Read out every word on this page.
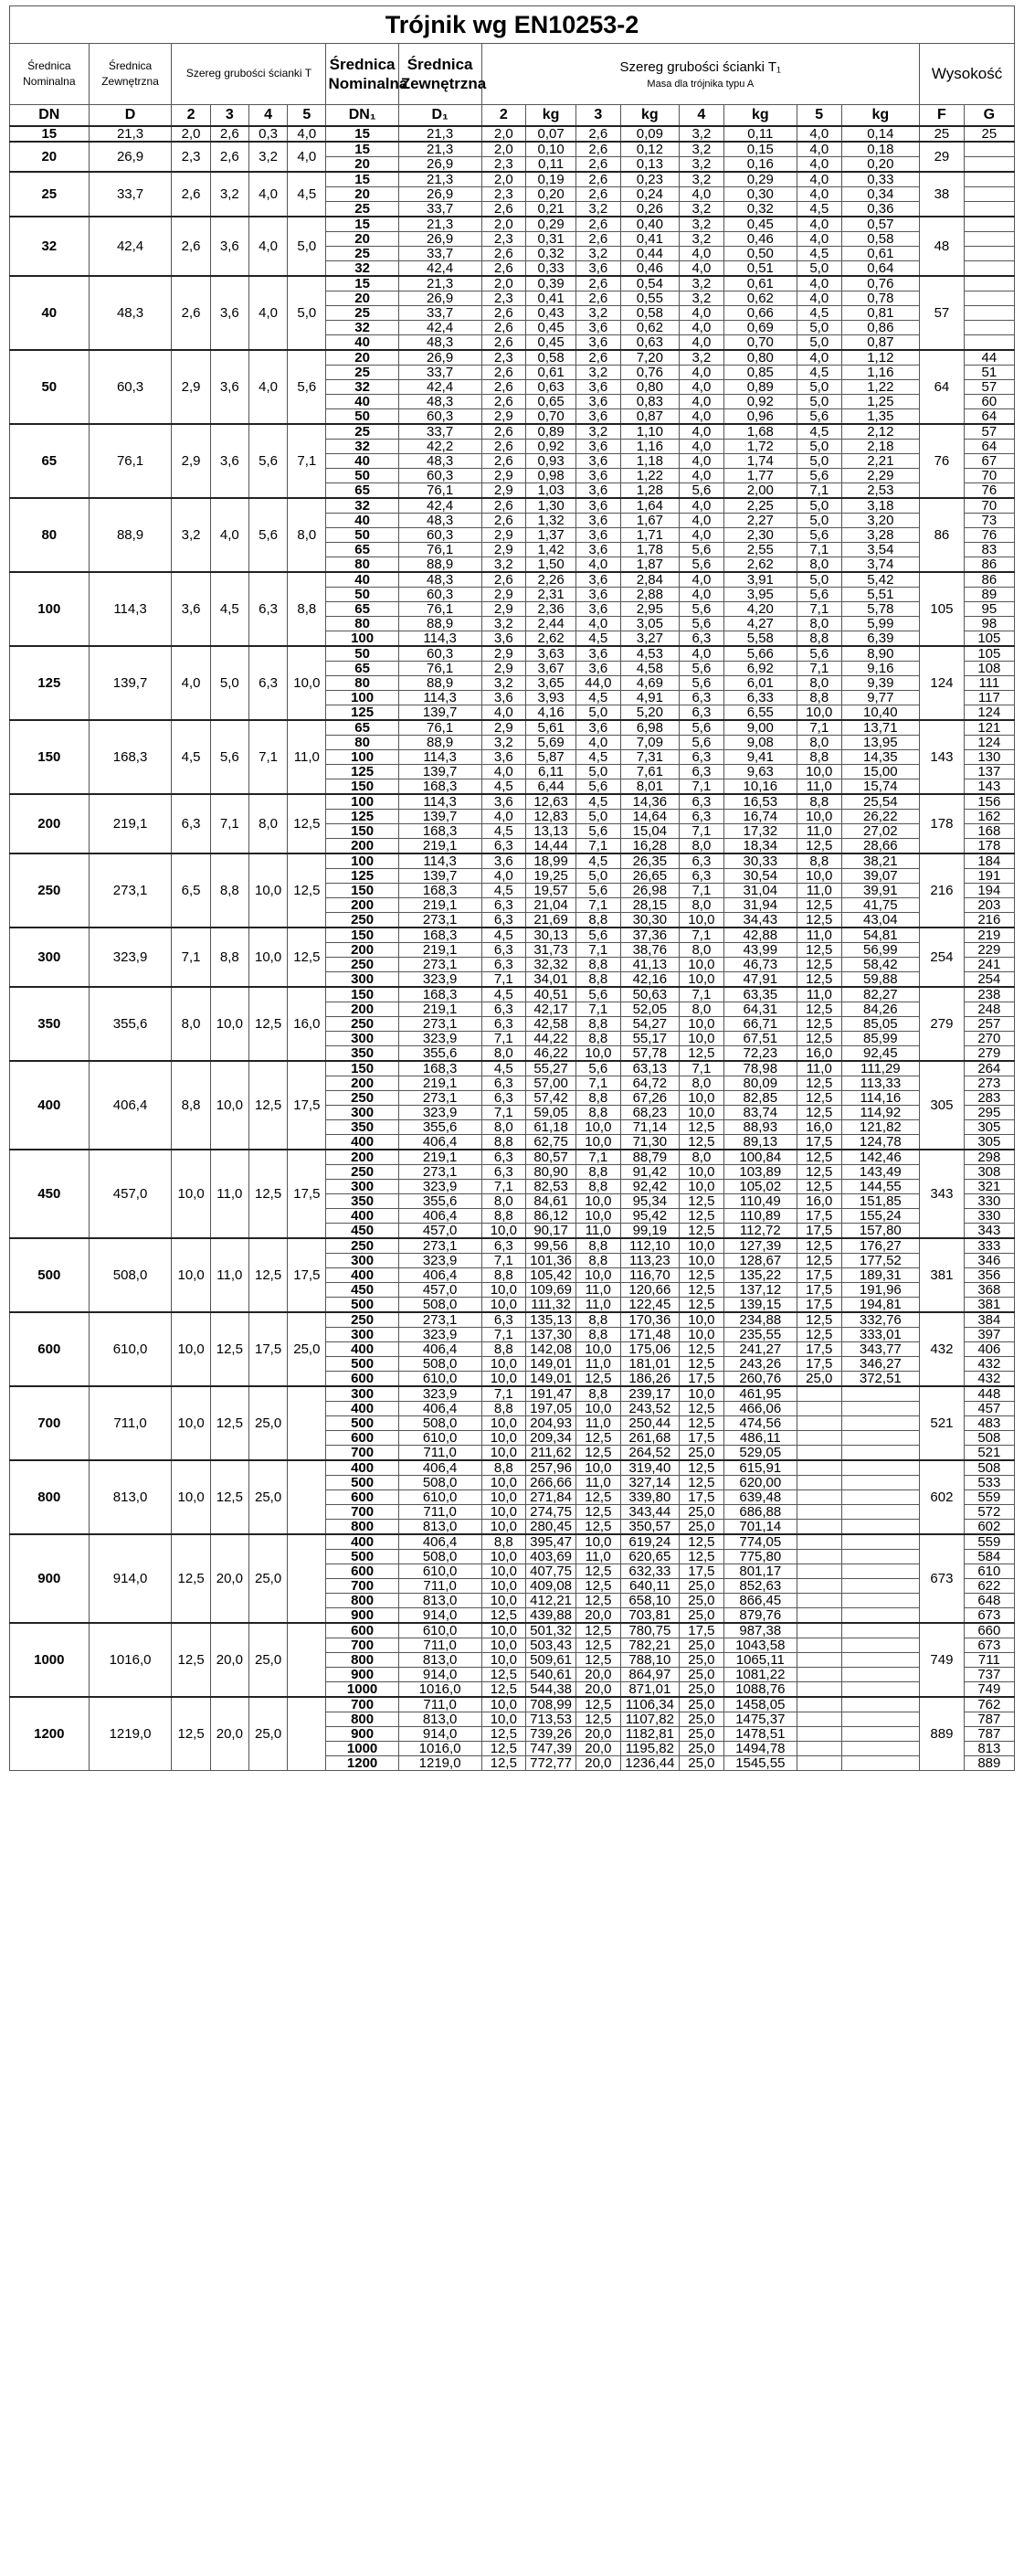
Trójnik wg EN10253-2																	
Średnica Nominalna	Średnica Zewnętrzna	Szereg grubości ścianki T				Średnica Nominalna	Średnica Zewnętrzna	Szereg grubości ścianki T₁
Masa dla trójnika typu A								Wysokość	
DN	D	2	3	4	5	DN₁	D₁	2	kg	3	kg	4	kg	5	kg	F	G
15	21,3	2,0	2,6	0,3	4,0	15	21,3	2,0	0,07	2,6	0,09	3,2	0,11	4,0	0,14	25	25
20	26,9	2,3	2,6	3,2	4,0	15	21,3	2,0	0,10	2,6	0,12	3,2	0,15	4,0	0,18	29	
						20	26,9	2,3	0,11	2,6	0,13	3,2	0,16	4,0	0,20		
25	33,7	2,6	3,2	4,0	4,5	15	21,3	2,0	0,19	2,6	0,23	3,2	0,29	4,0	0,33	38	
						20	26,9	2,3	0,20	2,6	0,24	4,0	0,30	4,0	0,34		
						25	33,7	2,6	0,21	3,2	0,26	3,2	0,32	4,5	0,36		
32	42,4	2,6	3,6	4,0	5,0	15	21,3	2,0	0,29	2,6	0,40	3,2	0,45	4,0	0,57	48	
						20	26,9	2,3	0,31	2,6	0,41	3,2	0,46	4,0	0,58		
						25	33,7	2,6	0,32	3,2	0,44	4,0	0,50	4,5	0,61		
						32	42,4	2,6	0,33	3,6	0,46	4,0	0,51	5,0	0,64		
40	48,3	2,6	3,6	4,0	5,0	15	21,3	2,0	0,39	2,6	0,54	3,2	0,61	4,0	0,76	57	
						20	26,9	2,3	0,41	2,6	0,55	3,2	0,62	4,0	0,78		
						25	33,7	2,6	0,43	3,2	0,58	4,0	0,66	4,5	0,81		
						32	42,4	2,6	0,45	3,6	0,62	4,0	0,69	5,0	0,86		
						40	48,3	2,6	0,45	3,6	0,63	4,0	0,70	5,0	0,87		
50	60,3	2,9	3,6	4,0	5,6	20	26,9	2,3	0,58	2,6	7,20	3,2	0,80	4,0	1,12	64	44
						25	33,7	2,6	0,61	3,2	0,76	4,0	0,85	4,5	1,16		51
						32	42,4	2,6	0,63	3,6	0,80	4,0	0,89	5,0	1,22		57
						40	48,3	2,6	0,65	3,6	0,83	4,0	0,92	5,0	1,25		60
						50	60,3	2,9	0,70	3,6	0,87	4,0	0,96	5,6	1,35		64
65	76,1	2,9	3,6	5,6	7,1	25	33,7	2,6	0,89	3,2	1,10	4,0	1,68	4,5	2,12	76	57
						32	42,2	2,6	0,92	3,6	1,16	4,0	1,72	5,0	2,18		64
						40	48,3	2,6	0,93	3,6	1,18	4,0	1,74	5,0	2,21		67
						50	60,3	2,9	0,98	3,6	1,22	4,0	1,77	5,6	2,29		70
						65	76,1	2,9	1,03	3,6	1,28	5,6	2,00	7,1	2,53		76
80	88,9	3,2	4,0	5,6	8,0	32	42,4	2,6	1,30	3,6	1,64	4,0	2,25	5,0	3,18	86	70
						40	48,3	2,6	1,32	3,6	1,67	4,0	2,27	5,0	3,20		73
						50	60,3	2,9	1,37	3,6	1,71	4,0	2,30	5,6	3,28		76
						65	76,1	2,9	1,42	3,6	1,78	5,6	2,55	7,1	3,54		83
						80	88,9	3,2	1,50	4,0	1,87	5,6	2,62	8,0	3,74		86
100	114,3	3,6	4,5	6,3	8,8	40	48,3	2,6	2,26	3,6	2,84	4,0	3,91	5,0	5,42	105	86
						50	60,3	2,9	2,31	3,6	2,88	4,0	3,95	5,6	5,51		89
						65	76,1	2,9	2,36	3,6	2,95	5,6	4,20	7,1	5,78		95
						80	88,9	3,2	2,44	4,0	3,05	5,6	4,27	8,0	5,99		98
						100	114,3	3,6	2,62	4,5	3,27	6,3	5,58	8,8	6,39		105
125	139,7	4,0	5,0	6,3	10,0	50	60,3	2,9	3,63	3,6	4,53	4,0	5,66	5,6	8,90	124	105
						65	76,1	2,9	3,67	3,6	4,58	5,6	6,92	7,1	9,16		108
						80	88,9	3,2	3,65	44,0	4,69	5,6	6,01	8,0	9,39		111
						100	114,3	3,6	3,93	4,5	4,91	6,3	6,33	8,8	9,77		117
						125	139,7	4,0	4,16	5,0	5,20	6,3	6,55	10,0	10,40		124
150	168,3	4,5	5,6	7,1	11,0	65	76,1	2,9	5,61	3,6	6,98	5,6	9,00	7,1	13,71	143	121
						80	88,9	3,2	5,69	4,0	7,09	5,6	9,08	8,0	13,95		124
						100	114,3	3,6	5,87	4,5	7,31	6,3	9,41	8,8	14,35		130
						125	139,7	4,0	6,11	5,0	7,61	6,3	9,63	10,0	15,00		137
						150	168,3	4,5	6,44	5,6	8,01	7,1	10,16	11,0	15,74		143
200	219,1	6,3	7,1	8,0	12,5	100	114,3	3,6	12,63	4,5	14,36	6,3	16,53	8,8	25,54	178	156
						125	139,7	4,0	12,83	5,0	14,64	6,3	16,74	10,0	26,22		162
						150	168,3	4,5	13,13	5,6	15,04	7,1	17,32	11,0	27,02		168
						200	219,1	6,3	14,44	7,1	16,28	8,0	18,34	12,5	28,66		178
250	273,1	6,5	8,8	10,0	12,5	100	114,3	3,6	18,99	4,5	26,35	6,3	30,33	8,8	38,21	216	184
						125	139,7	4,0	19,25	5,0	26,65	6,3	30,54	10,0	39,07		191
						150	168,3	4,5	19,57	5,6	26,98	7,1	31,04	11,0	39,91		194
						200	219,1	6,3	21,04	7,1	28,15	8,0	31,94	12,5	41,75		203
						250	273,1	6,3	21,69	8,8	30,30	10,0	34,43	12,5	43,04		216
300	323,9	7,1	8,8	10,0	12,5	150	168,3	4,5	30,13	5,6	37,36	7,1	42,88	11,0	54,81	254	219
						200	219,1	6,3	31,73	7,1	38,76	8,0	43,99	12,5	56,99		229
						250	273,1	6,3	32,32	8,8	41,13	10,0	46,73	12,5	58,42		241
						300	323,9	7,1	34,01	8,8	42,16	10,0	47,91	12,5	59,88		254
350	355,6	8,0	10,0	12,5	16,0	150	168,3	4,5	40,51	5,6	50,63	7,1	63,35	11,0	82,27	279	238
						200	219,1	6,3	42,17	7,1	52,05	8,0	64,31	12,5	84,26		248
						250	273,1	6,3	42,58	8,8	54,27	10,0	66,71	12,5	85,05		257
						300	323,9	7,1	44,22	8,8	55,17	10,0	67,51	12,5	85,99		270
						350	355,6	8,0	46,22	10,0	57,78	12,5	72,23	16,0	92,45		279
400	406,4	8,8	10,0	12,5	17,5	150	168,3	4,5	55,27	5,6	63,13	7,1	78,98	11,0	111,29	305	264
						200	219,1	6,3	57,00	7,1	64,72	8,0	80,09	12,5	113,33		273
						250	273,1	6,3	57,42	8,8	67,26	10,0	82,85	12,5	114,16		283
						300	323,9	7,1	59,05	8,8	68,23	10,0	83,74	12,5	114,92		295
						350	355,6	8,0	61,18	10,0	71,14	12,5	88,93	16,0	121,82		305
						400	406,4	8,8	62,75	10,0	71,30	12,5	89,13	17,5	124,78		305
450	457,0	10,0	11,0	12,5	17,5	200	219,1	6,3	80,57	7,1	88,79	8,0	100,84	12,5	142,46	343	298
						250	273,1	6,3	80,90	8,8	91,42	10,0	103,89	12,5	143,49		308
						300	323,9	7,1	82,53	8,8	92,42	10,0	105,02	12,5	144,55		321
						350	355,6	8,0	84,61	10,0	95,34	12,5	110,49	16,0	151,85		330
						400	406,4	8,8	86,12	10,0	95,42	12,5	110,89	17,5	155,24		330
						450	457,0	10,0	90,17	11,0	99,19	12,5	112,72	17,5	157,80		343
500	508,0	10,0	11,0	12,5	17,5	250	273,1	6,3	99,56	8,8	112,10	10,0	127,39	12,5	176,27	381	333
						300	323,9	7,1	101,36	8,8	113,23	10,0	128,67	12,5	177,52		346
						400	406,4	8,8	105,42	10,0	116,70	12,5	135,22	17,5	189,31		356
						450	457,0	10,0	109,69	11,0	120,66	12,5	137,12	17,5	191,96		368
						500	508,0	10,0	111,32	11,0	122,45	12,5	139,15	17,5	194,81		381
600	610,0	10,0	12,5	17,5	25,0	250	273,1	6,3	135,13	8,8	170,36	10,0	234,88	12,5	332,76	432	384
						300	323,9	7,1	137,30	8,8	171,48	10,0	235,55	12,5	333,01		397
						400	406,4	8,8	142,08	10,0	175,06	12,5	241,27	17,5	343,77		406
						500	508,0	10,0	149,01	11,0	181,01	12,5	243,26	17,5	346,27		432
						600	610,0	10,0	149,01	12,5	186,26	17,5	260,76	25,0	372,51		432
700	711,0	10,0	12,5	25,0		300	323,9	7,1	191,47	8,8	239,17	10,0	461,95			521	448
						400	406,4	8,8	197,05	10,0	243,52	12,5	466,06				457
						500	508,0	10,0	204,93	11,0	250,44	12,5	474,56				483
						600	610,0	10,0	209,34	12,5	261,68	17,5	486,11				508
						700	711,0	10,0	211,62	12,5	264,52	25,0	529,05				521
800	813,0	10,0	12,5	25,0		400	406,4	8,8	257,96	10,0	319,40	12,5	615,91			602	508
						500	508,0	10,0	266,66	11,0	327,14	12,5	620,00				533
						600	610,0	10,0	271,84	12,5	339,80	17,5	639,48				559
						700	711,0	10,0	274,75	12,5	343,44	25,0	686,88				572
						800	813,0	10,0	280,45	12,5	350,57	25,0	701,14				602
900	914,0	12,5	20,0	25,0		400	406,4	8,8	395,47	10,0	619,24	12,5	774,05			673	559
						500	508,0	10,0	403,69	11,0	620,65	12,5	775,80				584
						600	610,0	10,0	407,75	12,5	632,33	17,5	801,17				610
						700	711,0	10,0	409,08	12,5	640,11	25,0	852,63				622
						800	813,0	10,0	412,21	12,5	658,10	25,0	866,45				648
						900	914,0	12,5	439,88	20,0	703,81	25,0	879,76				673
1000	1016,0	12,5	20,0	25,0		600	610,0	10,0	501,32	12,5	780,75	17,5	987,38			749	660
						700	711,0	10,0	503,43	12,5	782,21	25,0	1043,58				673
						800	813,0	10,0	509,61	12,5	788,10	25,0	1065,11				711
						900	914,0	12,5	540,61	20,0	864,97	25,0	1081,22				737
						1000	1016,0	12,5	544,38	20,0	871,01	25,0	1088,76				749
1200	1219,0	12,5	20,0	25,0		700	711,0	10,0	708,99	12,5	1106,34	25,0	1458,05			889	762
						800	813,0	10,0	713,53	12,5	1107,82	25,0	1475,37				787
						900	914,0	12,5	739,26	20,0	1182,81	25,0	1478,51				787
						1000	1016,0	12,5	747,39	20,0	1195,82	25,0	1494,78				813
						1200	1219,0	12,5	772,77	20,0	1236,44	25,0	1545,55				889
